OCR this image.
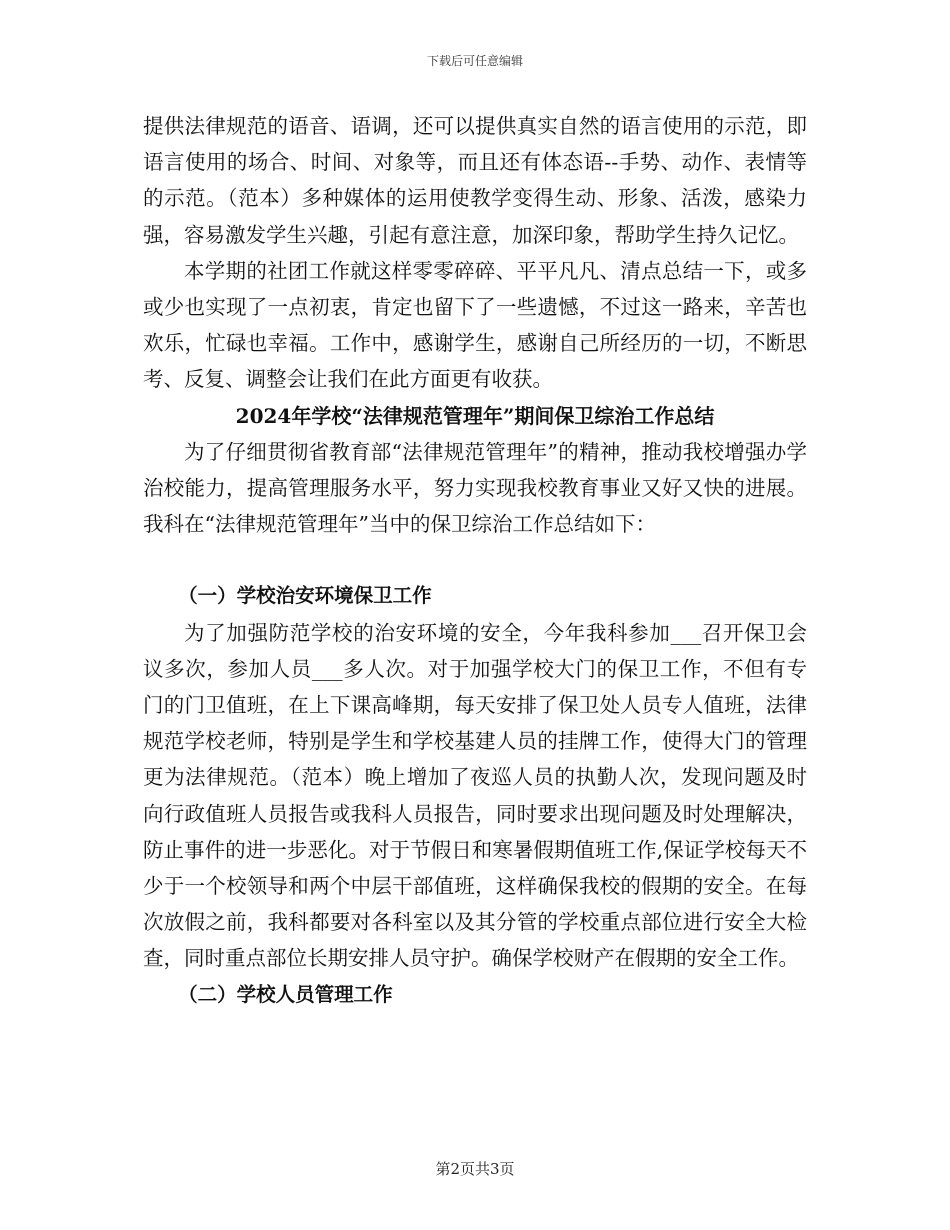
下载后可任意编辑

提供法律规范的语音、语调，还可以提供真实自然的语言使用的示范，即语言使用的场合、时间、对象等，而且还有体态语--手势、动作、表情等的示范。（范本）多种媒体的运用使教学变得生动、形象、活泼，感染力强，容易激发学生兴趣，引起有意注意，加深印象，帮助学生持久记忆。

本学期的社团工作就这样零零碎碎、平平凡凡、清点总结一下，或多或少也实现了一点初衷，肯定也留下了一些遗憾，不过这一路来，辛苦也欢乐，忙碌也幸福。工作中，感谢学生，感谢自己所经历的一切，不断思考、反复、调整会让我们在此方面更有收获。

2024年学校“法律规范管理年”期间保卫综治工作总结

为了仔细贯彻省教育部“法律规范管理年”的精神，推动我校增强办学治校能力，提高管理服务水平，努力实现我校教育事业又好又快的进展。我科在“法律规范管理年”当中的保卫综治工作总结如下：

（一）学校治安环境保卫工作

为了加强防范学校的治安环境的安全，今年我科参加___召开保卫会议多次，参加人员___多人次。对于加强学校大门的保卫工作，不但有专门的门卫值班，在上下课高峰期，每天安排了保卫处人员专人值班，法律规范学校老师，特别是学生和学校基建人员的挂牌工作，使得大门的管理更为法律规范。（范本）晚上增加了夜巡人员的执勤人次，发现问题及时向行政值班人员报告或我科人员报告，同时要求出现问题及时处理解决，防止事件的进一步恶化。对于节假日和寒暑假期值班工作,保证学校每天不少于一个校领导和两个中层干部值班，这样确保我校的假期的安全。在每次放假之前，我科都要对各科室以及其分管的学校重点部位进行安全大检查，同时重点部位长期安排人员守护。确保学校财产在假期的安全工作。

（二）学校人员管理工作

第2页共3页
